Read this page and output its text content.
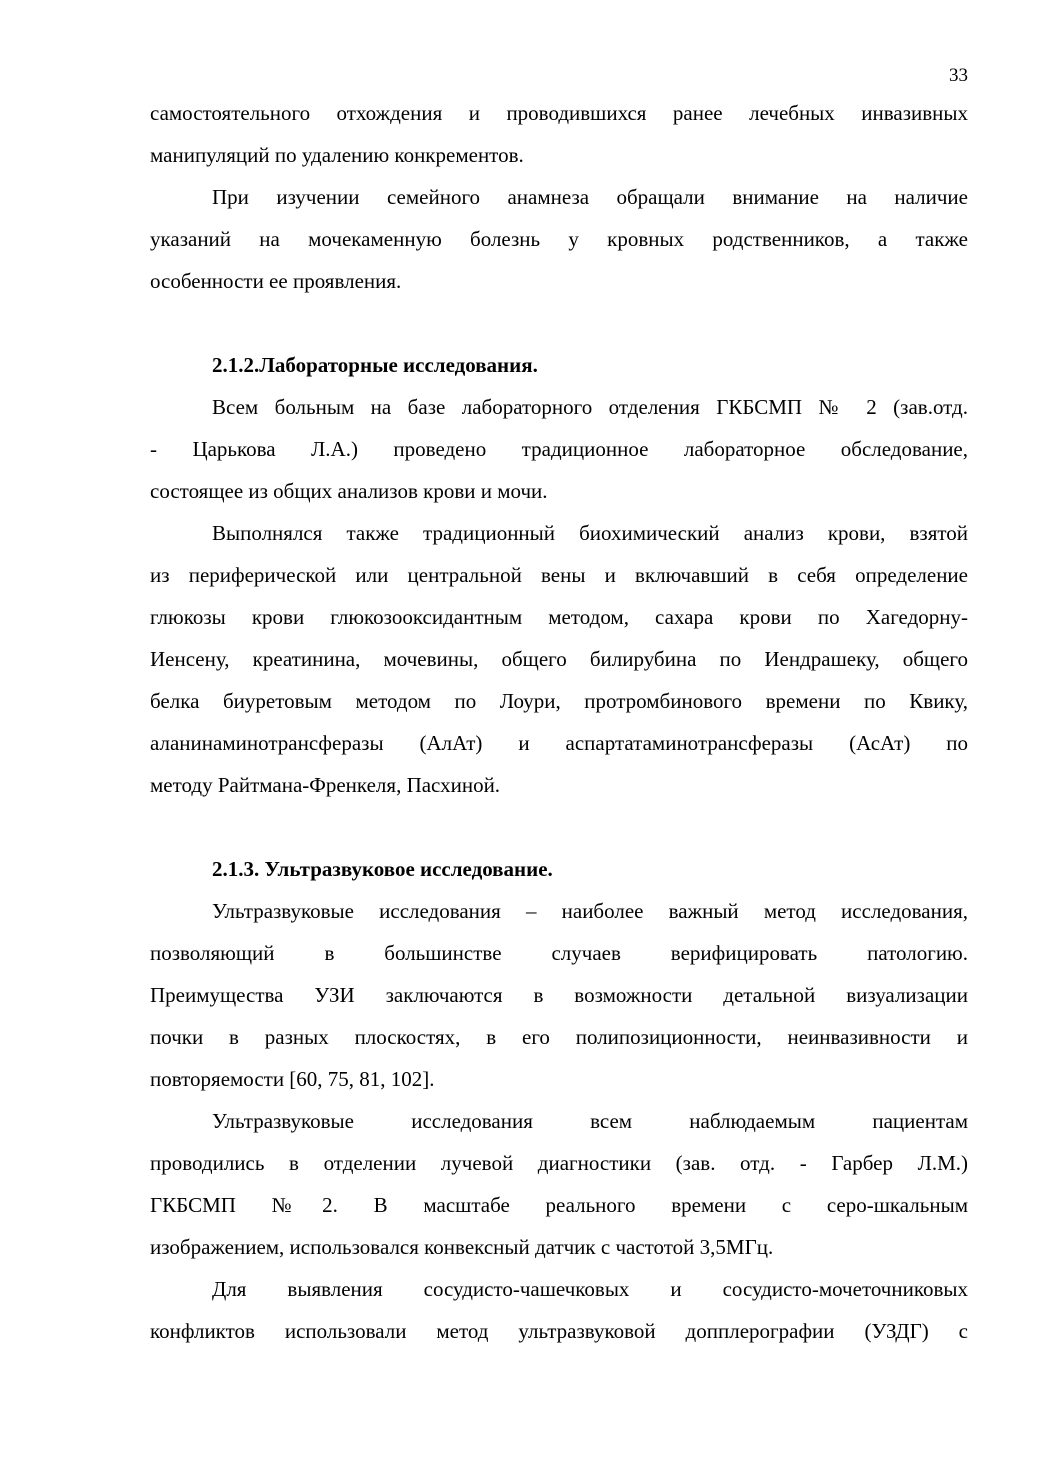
33
самостоятельного отхождения и проводившихся ранее лечебных инвазивных
манипуляций по удалению конкрементов.
При изучении семейного анамнеза обращали внимание на наличие
указаний на мочекаменную болезнь у кровных родственников, а также
особенности ее проявления.
2.1.2.Лабораторные исследования.
Всем больным на базе лабораторного отделения ГКБСМП № 2 (зав.отд.
- Царькова Л.А.) проведено традиционное лабораторное обследование,
состоящее из общих анализов крови и мочи.
Выполнялся также традиционный биохимический анализ крови, взятой
из периферической или центральной вены и включавший в себя определение
глюкозы крови глюкозооксидантным методом, сахара крови по Хагедорну-
Иенсену, креатинина, мочевины, общего билирубина по Иендрашеку, общего
белка биуретовым методом по Лоури, протромбинового времени по Квику,
аланинаминотрансферазы (АлАт) и аспартатаминотрансферазы (АсАт) по
методу Райтмана-Френкеля, Пасхиной.
2.1.3. Ультразвуковое исследование.
Ультразвуковые исследования – наиболее важный метод исследования,
позволяющий в большинстве случаев верифицировать патологию.
Преимущества УЗИ заключаются в возможности детальной визуализации
почки в разных плоскостях, в его полипозиционности, неинвазивности и
повторяемости [60, 75, 81, 102].
Ультразвуковые исследования всем наблюдаемым пациентам
проводились в отделении лучевой диагностики (зав. отд. - Гарбер Л.М.)
ГКБСМП №2. В масштабе реального времени с серо-шкальным
изображением, использовался конвексный датчик с частотой 3,5МГц.
Для выявления сосудисто-чашечковых и сосудисто-мочеточниковых
конфликтов использовали метод ультразвуковой допплерографии (УЗДГ) с
